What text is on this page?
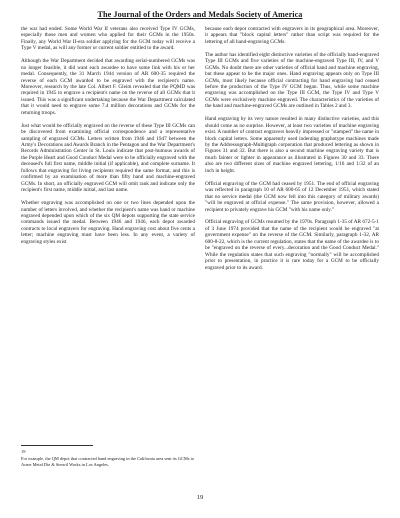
The Journal of the Orders and Medals Society of America

the war had ended. Some World War II veterans also received Type IV GCMs, especially those men and women who applied for their GCMs in the 1950s. Finally, any World War II-era soldier applying for the GCM today will receive a Type V medal, as will any former or current soldier entitled to the award.

Although the War Department decided that awarding serial-numbered GCMs was no longer feasible, it did want each awardee to have some link with his or her medal. Consequently, the 31 March 1944 version of AR 600-35 required the reverse of each GCM awarded to be engraved with the recipient's name. Moreover, research by the late Col. Albert F. Gleim revealed that the PQMD was required in 1945 to engrave a recipient's name on the reverse of all GCMs that it issued. This was a significant undertaking because the War Department calculated that it would need to engrave some 7.4 million decorations and GCMs for the returning troops.

Just what would be officially engraved on the reverse of these Type III GCMs can be discovered from examining official correspondence and a representative sampling of engraved GCMs. Letters written from 1946 and 1947 between the Army's Decorations and Awards Branch in the Pentagon and the War Department's Records Administration Center in St. Louis indicate that post-humous awards of the Purple Heart and Good Conduct Medal were to be officially engraved with the deceased's full first name, middle initial (if applicable), and complete surname. It follows that engraving for living recipients required the same format, and this is confirmed by an examination of more than fifty hand and machine-engraved GCMs. In short, an officially engraved GCM will omit rank and indicate only the recipient's first name, middle initial, and last name.

Whether engraving was accomplished on one or two lines depended upon the number of letters involved, and whether the recipient's name was hand or machine engraved depended upon which of the six QM depots supporting the state service commands issued the medal. Between 1946 and 1946, each depot awarded contracts to local engravers for engraving. Hand engraving cost about five cents a letter; machine engraving must have been less. In any event, a variety of engraving styles exist

because each depot contracted with engravers in its geographical area. Moreover, it appears that "block capital letters" rather than script was required for the lettering of all hand-engraving GCMs.

The author has identified eight distinctive varieties of the officially hand-engraved Type III GCMs and five varieties of the machine-engraved Type III, IV, and V GCMs. No doubt there are other varieties of official hand and machine engraving, but these appear to be the major ones. Hand engraving appears only on Type III GCMs, most likely because official contracting for hand engraving had ceased before the production of the Type IV GCM began. Thus, while some machine engraving was accomplished on the Type III GCM, the Type IV and Type V GCMs were exclusively machine engraved. The characteristics of the varieties of the hand and machine-engraved GCMs are outlined in Tables 2 and 3.

Hand engraving by its very nature resulted in many distinctive varieties, and this should come as no surprise. However, at least two varieties of machine engraving exist. A number of contract engravers heavily impressed or "stamped" the name in block capital letters. Some apparently used indenting graphotype machines made by the Addressograph-Multigraph corporation that produced lettering as shown in Figures 31 and 32. But there is also a second machine engraving variety that is much fainter or lighter in appearance as illustrated in Figures 30 and 33. There also are two different sizes of machine engraved lettering, 1/16 and 1/32 of an inch in height.

Official engraving of the GCM had ceased by 1951. The end of official engraving was reflected in paragraph 10 of AR 600-65 of 12 December 1951, which stated that no service medal (the GCM now fell into this category of military awards) "will be engraved at official expense." The same provision, however, allowed a recipient to privately engrave his GCM "with his name only."

Official engraving of GCMs resumed by the 1970s. Paragraph 1-35 of AR 672-5-1 of 3 June 1974 provided that the name of the recipient would be engraved "at government expense" on the reverse of the GCM. Similarly, paragraph 1-32, AR 600-8-22, which is the current regulation, states that the name of the awardee is to be "engraved on the reverse of every...decoration and the Good Conduct Medal." While the regulation states that such engraving "normally" will be accomplished prior to presentation, in practice it is rare today for a GCM to be officially engraved prior to its award.

19

For example, the QM depot that contracted hand engraving in the California area sent its GCMs to Acme Metal Die & Stencil Works in Los Angeles.

19
